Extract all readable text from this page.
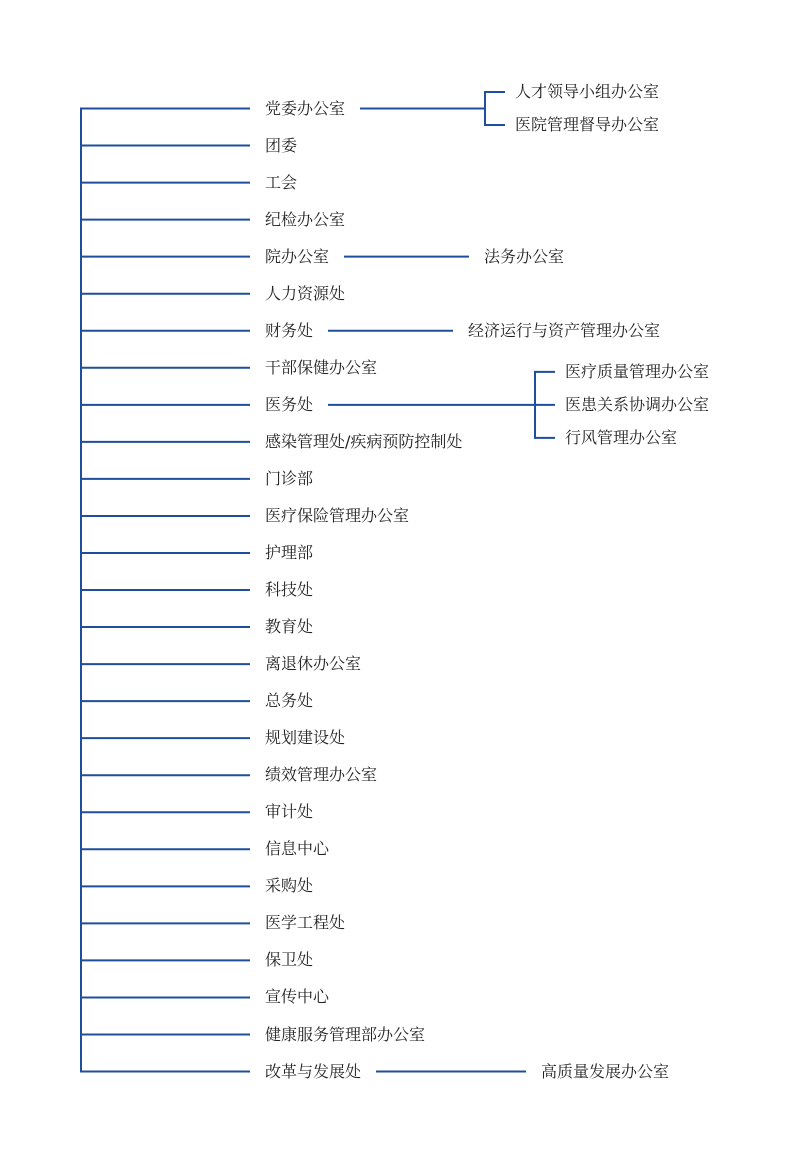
党委办公室
人才领导小组办公室
医院管理督导办公室
团委
工会
纪检办公室
院办公室	法务办公室
人力资源处
财务处	经济运行与资产管理办公室
干部保健办公室
医务处
医疗质量管理办公室
医患关系协调办公室
行风管理办公室
感染管理处/疾病预防控制处
门诊部
医疗保险管理办公室
护理部
科技处
教育处
离退休办公室
总务处
规划建设处
绩效管理办公室
审计处
信息中心
采购处
医学工程处
保卫处
宣传中心
健康服务管理部办公室
改革与发展处	高质量发展办公室
